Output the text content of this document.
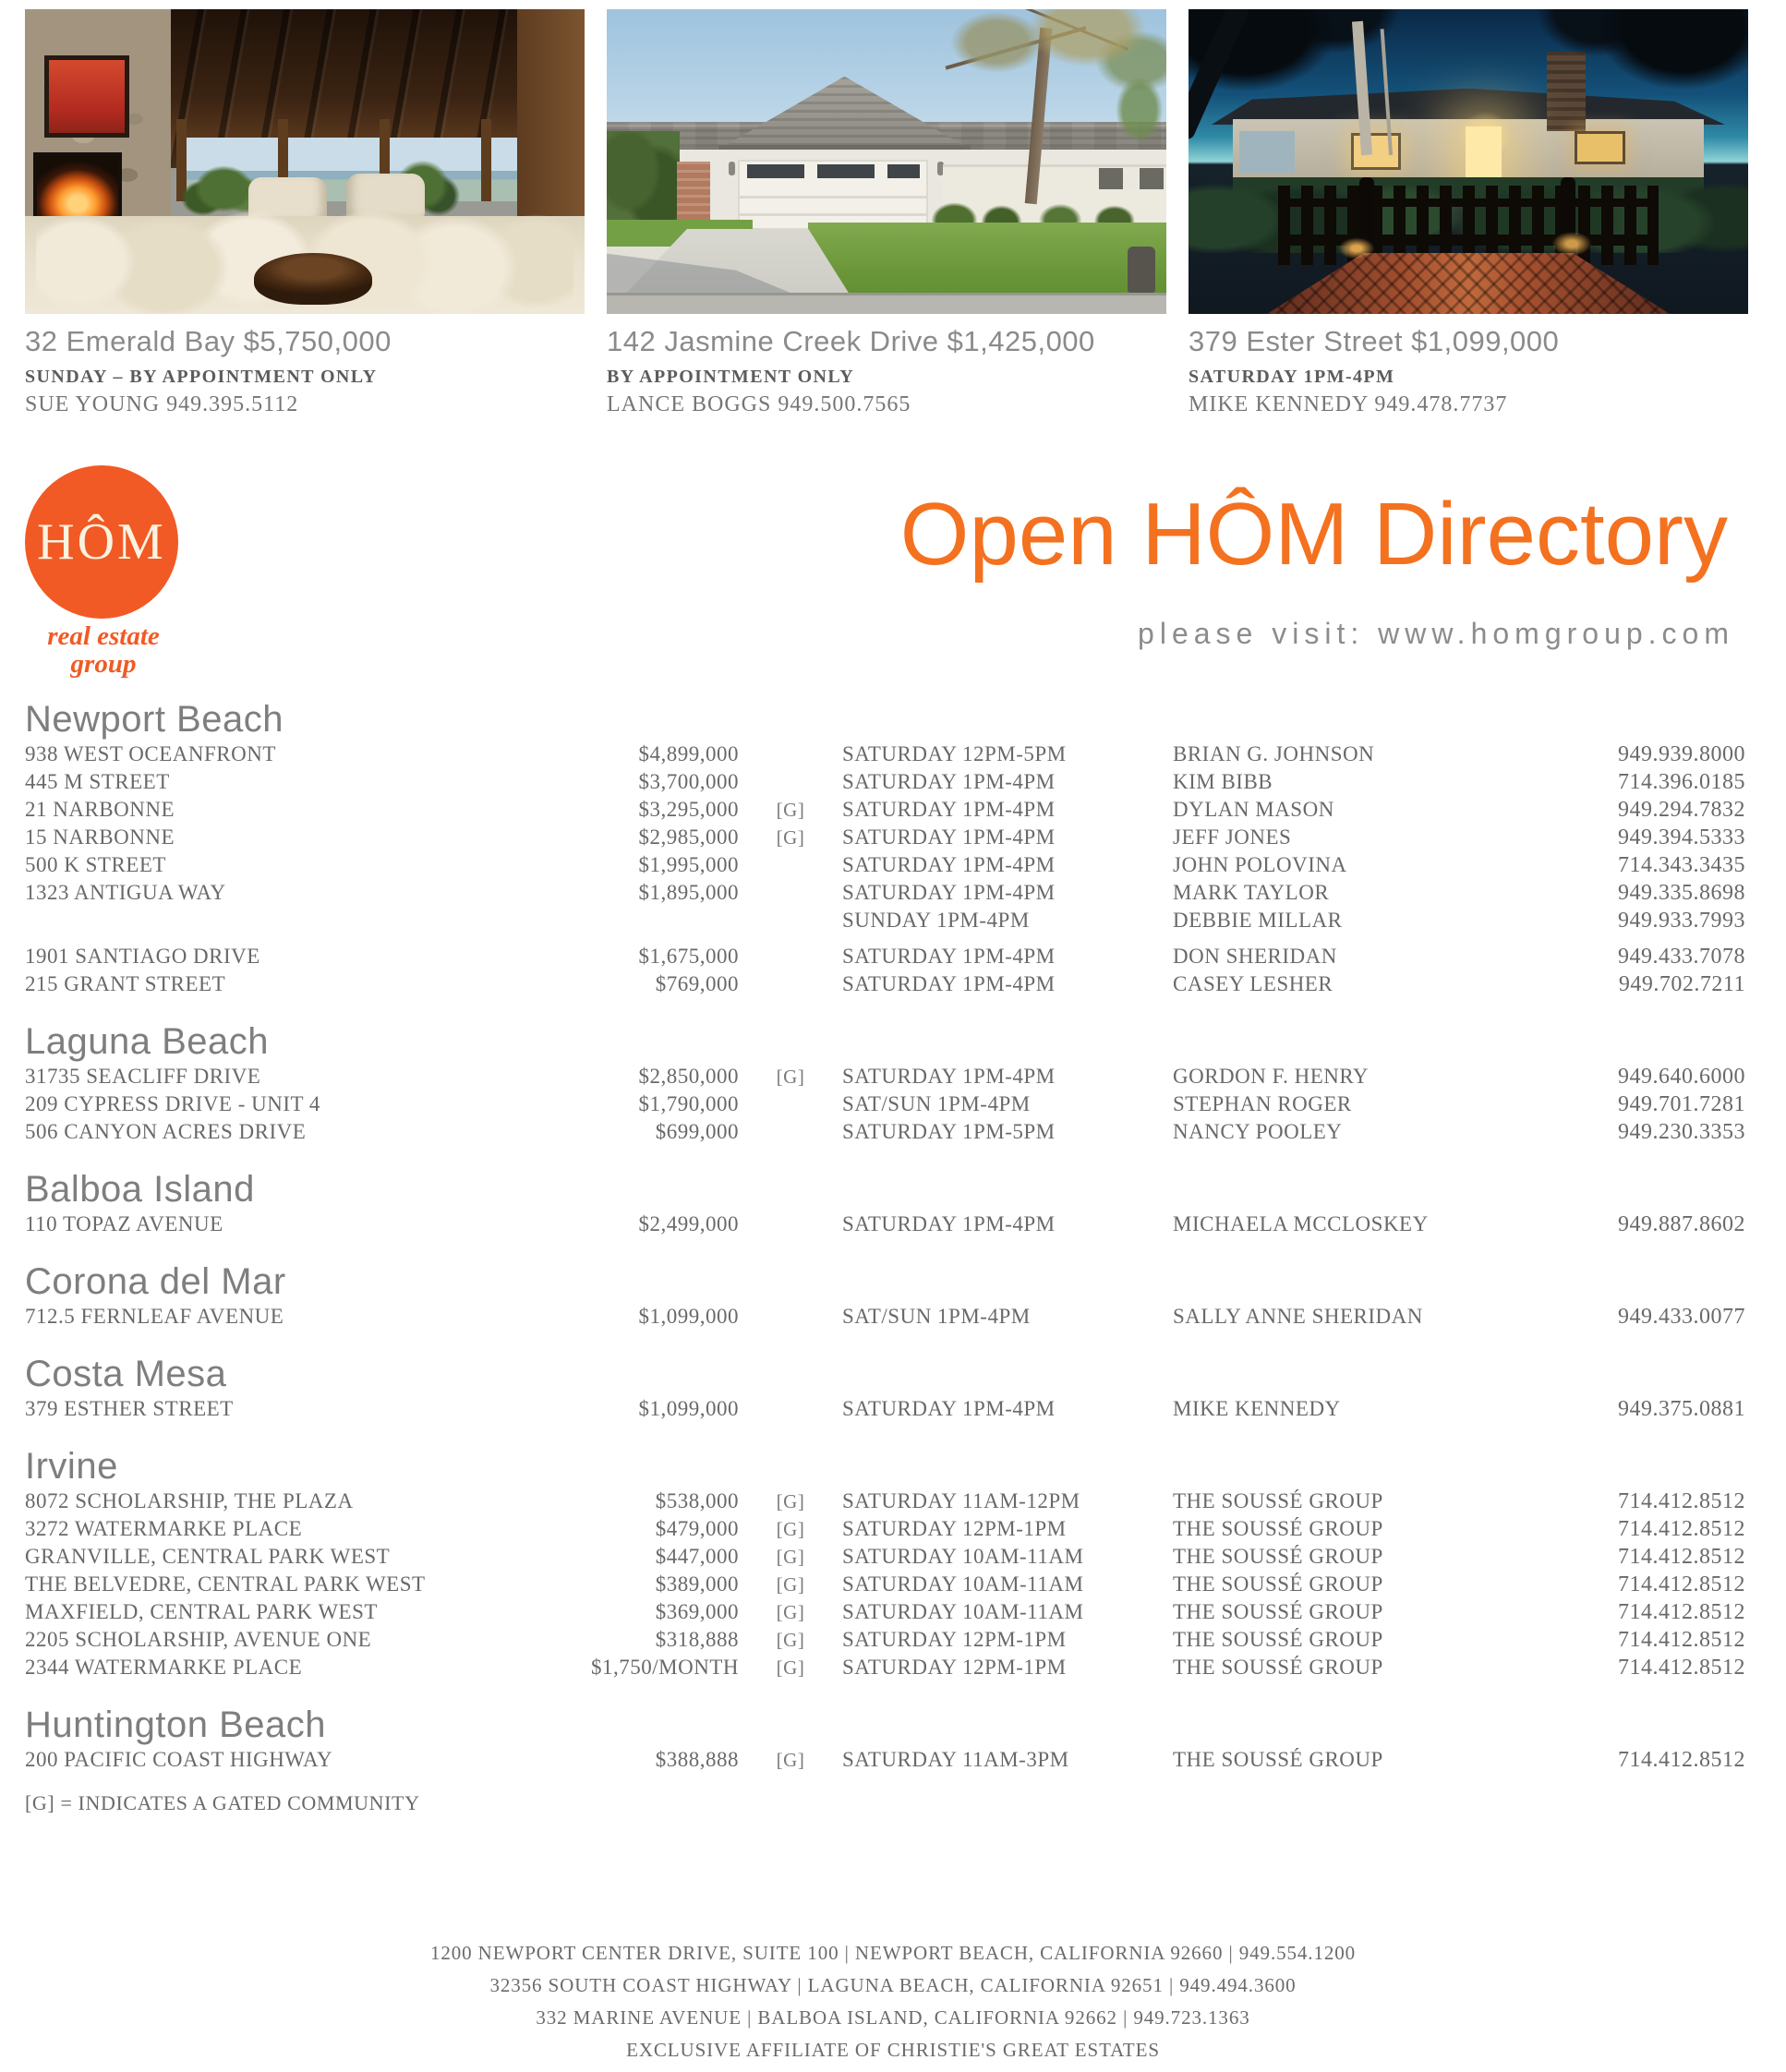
32 Emerald Bay $5,750,000
SUNDAY – BY APPOINTMENT ONLY
SUE YOUNG 949.395.5112
142 Jasmine Creek Drive $1,425,000
BY APPOINTMENT ONLY
LANCE BOGGS 949.500.7565
379 Ester Street $1,099,000
SATURDAY 1PM-4PM
MIKE KENNEDY 949.478.7737
HÔM
real estate
group
Open HÔM Directory
please visit: www.homgroup.com
Newport Beach
938 WEST OCEANFRONT	$4,899,000	SATURDAY 12PM-5PM	BRIAN G. JOHNSON	949.939.8000
445 M STREET	$3,700,000	SATURDAY 1PM-4PM	KIM BIBB	714.396.0185
21 NARBONNE	$3,295,000	[G]	SATURDAY 1PM-4PM	DYLAN MASON	949.294.7832
15 NARBONNE	$2,985,000	[G]	SATURDAY 1PM-4PM	JEFF JONES	949.394.5333
500 K STREET	$1,995,000	SATURDAY 1PM-4PM	JOHN POLOVINA	714.343.3435
1323 ANTIGUA WAY	$1,895,000	SATURDAY 1PM-4PM	MARK TAYLOR	949.335.8698
SUNDAY 1PM-4PM	DEBBIE MILLAR	949.933.7993
1901 SANTIAGO DRIVE	$1,675,000	SATURDAY 1PM-4PM	DON SHERIDAN	949.433.7078
215 GRANT STREET	$769,000	SATURDAY 1PM-4PM	CASEY LESHER	949.702.7211
Laguna Beach
31735 SEACLIFF DRIVE	$2,850,000	[G]	SATURDAY 1PM-4PM	GORDON F. HENRY	949.640.6000
209 CYPRESS DRIVE - UNIT 4	$1,790,000	SAT/SUN 1PM-4PM	STEPHAN ROGER	949.701.7281
506 CANYON ACRES DRIVE	$699,000	SATURDAY 1PM-5PM	NANCY POOLEY	949.230.3353
Balboa Island
110 TOPAZ AVENUE	$2,499,000	SATURDAY 1PM-4PM	MICHAELA MCCLOSKEY	949.887.8602
Corona del Mar
712.5 FERNLEAF AVENUE	$1,099,000	SAT/SUN 1PM-4PM	SALLY ANNE SHERIDAN	949.433.0077
Costa Mesa
379 ESTHER STREET	$1,099,000	SATURDAY 1PM-4PM	MIKE KENNEDY	949.375.0881
Irvine
8072 SCHOLARSHIP, THE PLAZA	$538,000	[G]	SATURDAY 11AM-12PM	THE SOUSSÉ GROUP	714.412.8512
3272 WATERMARKE PLACE	$479,000	[G]	SATURDAY 12PM-1PM	THE SOUSSÉ GROUP	714.412.8512
GRANVILLE, CENTRAL PARK WEST	$447,000	[G]	SATURDAY 10AM-11AM	THE SOUSSÉ GROUP	714.412.8512
THE BELVEDRE, CENTRAL PARK WEST	$389,000	[G]	SATURDAY 10AM-11AM	THE SOUSSÉ GROUP	714.412.8512
MAXFIELD, CENTRAL PARK WEST	$369,000	[G]	SATURDAY 10AM-11AM	THE SOUSSÉ GROUP	714.412.8512
2205 SCHOLARSHIP, AVENUE ONE	$318,888	[G]	SATURDAY 12PM-1PM	THE SOUSSÉ GROUP	714.412.8512
2344 WATERMARKE PLACE	$1,750/MONTH	[G]	SATURDAY 12PM-1PM	THE SOUSSÉ GROUP	714.412.8512
Huntington Beach
200 PACIFIC COAST HIGHWAY	$388,888	[G]	SATURDAY 11AM-3PM	THE SOUSSÉ GROUP	714.412.8512
[G] = INDICATES A GATED COMMUNITY
1200 NEWPORT CENTER DRIVE, SUITE 100 | NEWPORT BEACH, CALIFORNIA 92660 | 949.554.1200
32356 SOUTH COAST HIGHWAY | LAGUNA BEACH, CALIFORNIA 92651 | 949.494.3600
332 MARINE AVENUE | BALBOA ISLAND, CALIFORNIA 92662 | 949.723.1363
EXCLUSIVE AFFILIATE OF CHRISTIE'S GREAT ESTATES
